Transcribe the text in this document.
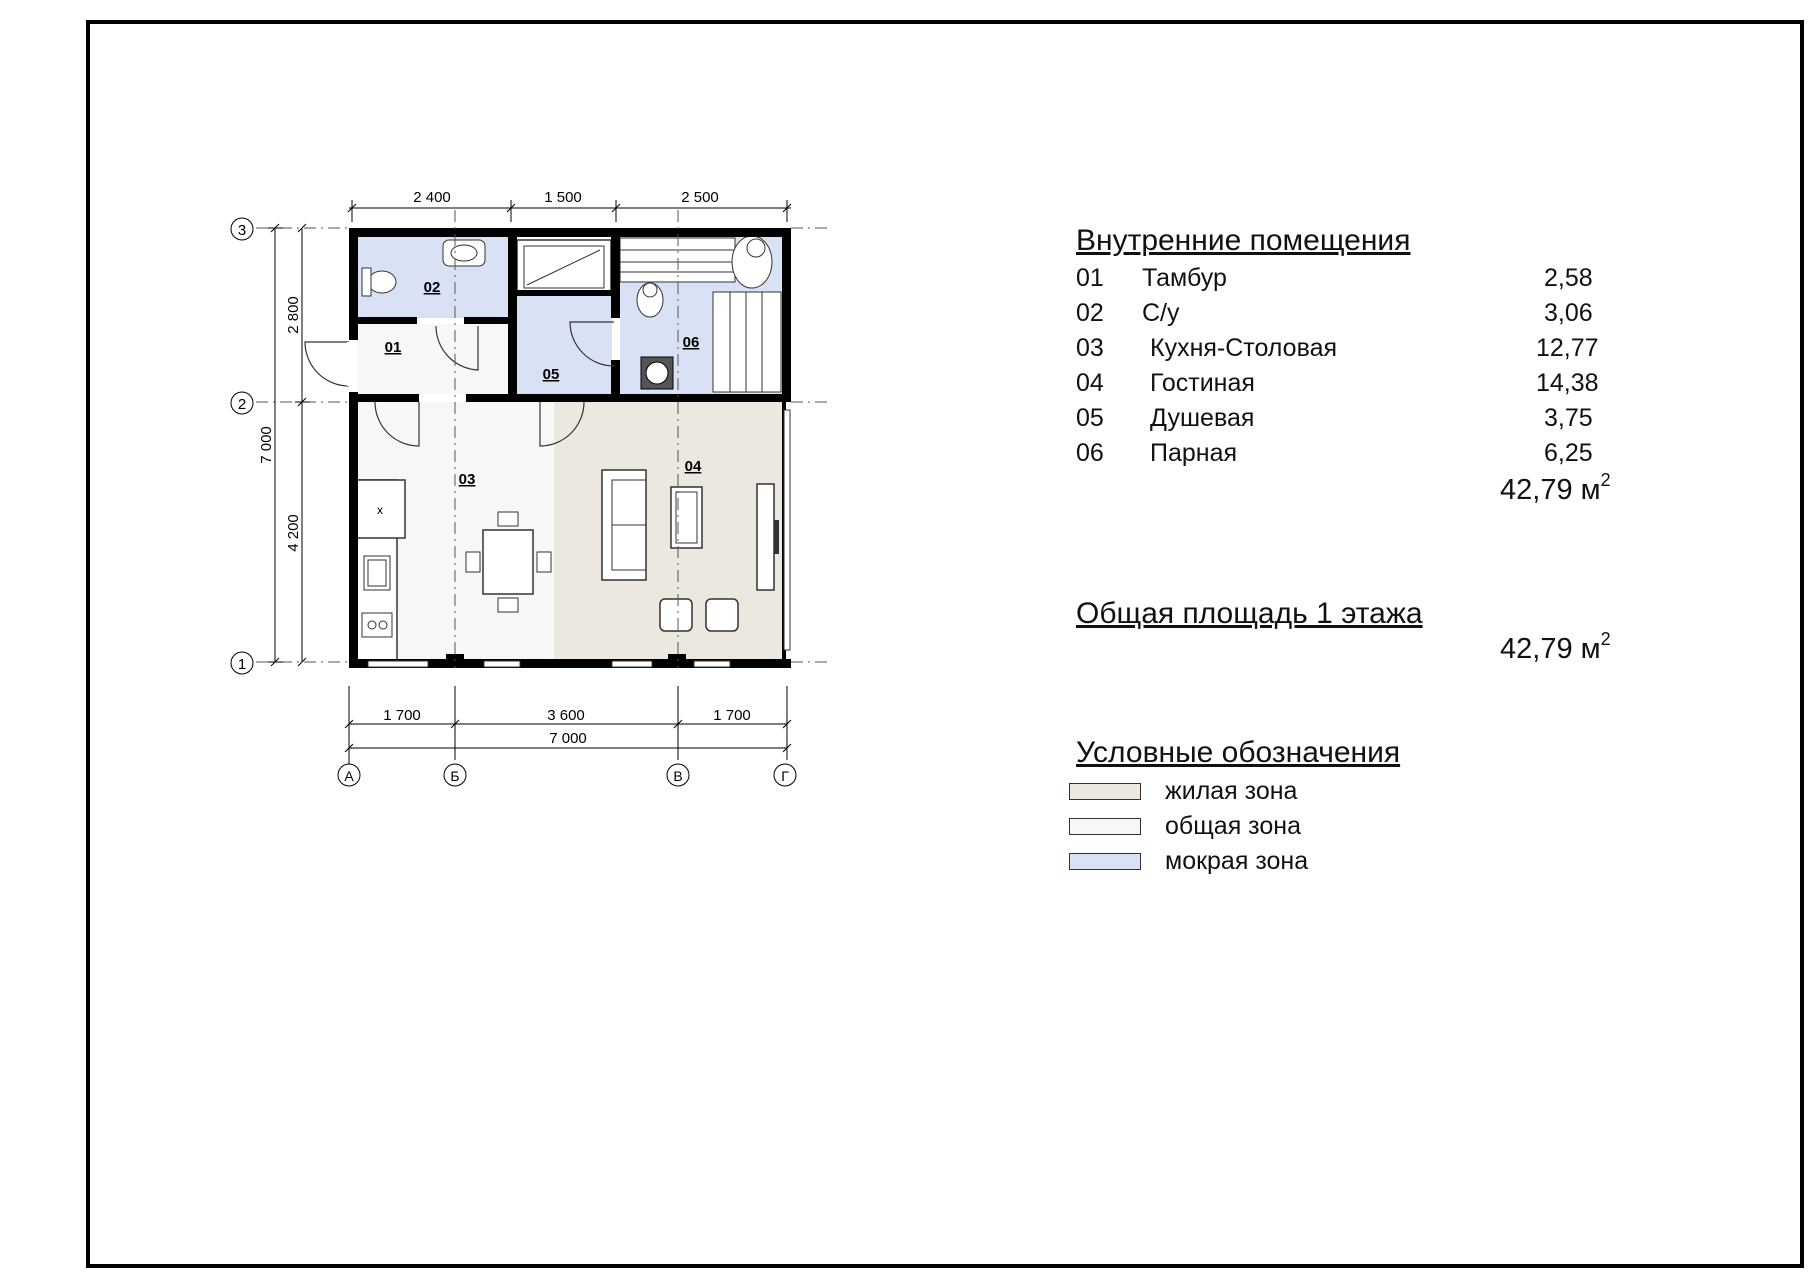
x
2 400	1 500	2 500
2 800
7 000
4 200
1 700	3 600	1 700
7 000
3
2
1
А	Б	В	Г
01
02
03
04
05
06
Внутренние помещения
01 Тамбур	2,58
02 С/у	3,06
03 Кухня-Столовая	12,77
04 Гостиная	14,38
05 Душевая	3,75
06 Парная	6,25
42,79 $м^2$
Общая площадь 1 этажа
42,79 $м^2$
Условные обозначения
жилая зона
общая зона
мокрая зона
